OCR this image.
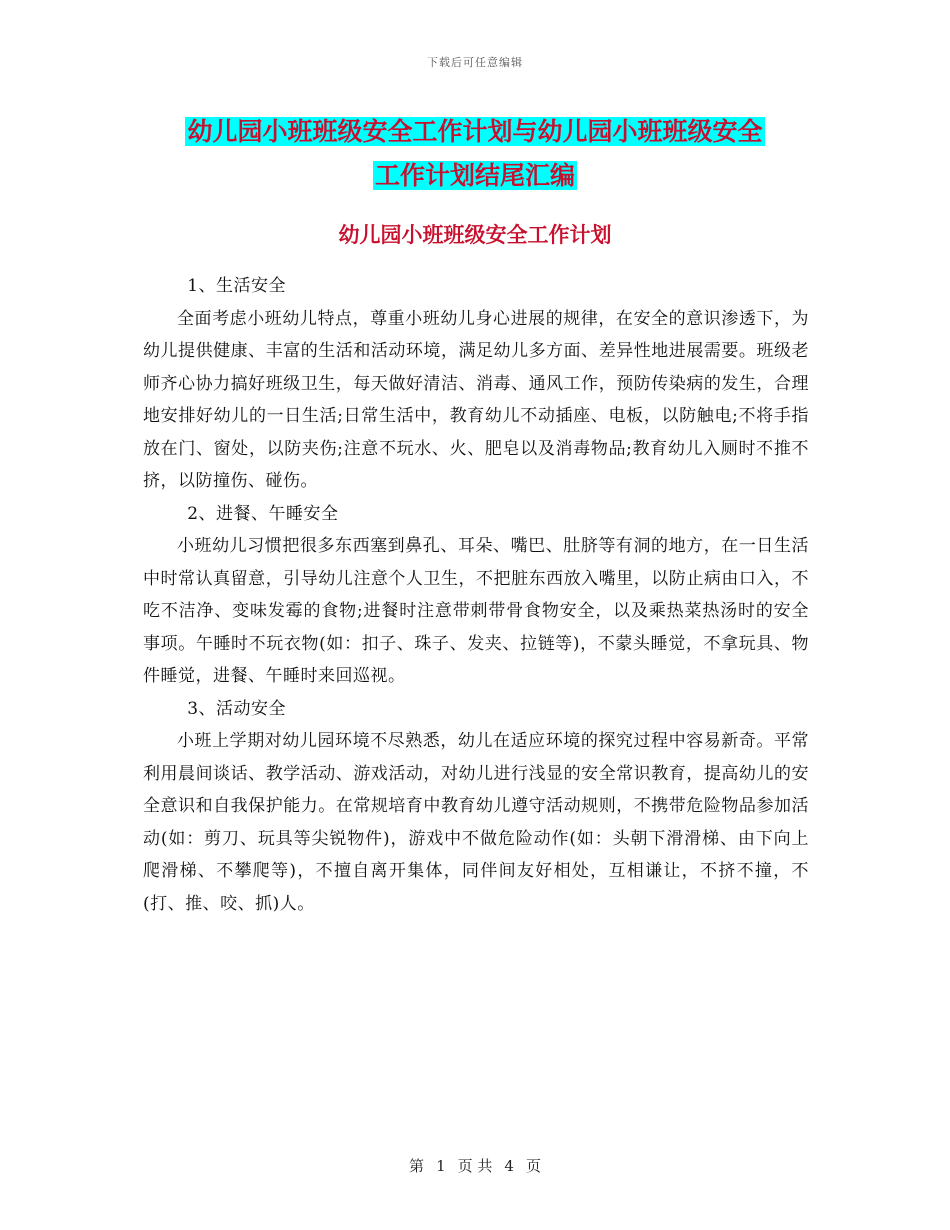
下载后可任意编辑
幼儿园小班班级安全工作计划与幼儿园小班班级安全
工作计划结尾汇编
幼儿园小班班级安全工作计划

1、生活安全

全面考虑小班幼儿特点，尊重小班幼儿身心进展的规律，在安全的意识渗透下，为幼儿提供健康、丰富的生活和活动环境，满足幼儿多方面、差异性地进展需要。班级老师齐心协力搞好班级卫生，每天做好清洁、消毒、通风工作，预防传染病的发生，合理地安排好幼儿的一日生活;日常生活中，教育幼儿不动插座、电板，以防触电;不将手指放在门、窗处，以防夹伤;注意不玩水、火、肥皂以及消毒物品;教育幼儿入厕时不推不挤，以防撞伤、碰伤。

2、进餐、午睡安全

小班幼儿习惯把很多东西塞到鼻孔、耳朵、嘴巴、肚脐等有洞的地方，在一日生活中时常认真留意，引导幼儿注意个人卫生，不把脏东西放入嘴里，以防止病由口入，不吃不洁净、变味发霉的食物;进餐时注意带刺带骨食物安全，以及乘热菜热汤时的安全事项。午睡时不玩衣物(如：扣子、珠子、发夹、拉链等)，不蒙头睡觉，不拿玩具、物件睡觉，进餐、午睡时来回巡视。

3、活动安全

小班上学期对幼儿园环境不尽熟悉，幼儿在适应环境的探究过程中容易新奇。平常利用晨间谈话、教学活动、游戏活动，对幼儿进行浅显的安全常识教育，提高幼儿的安全意识和自我保护能力。在常规培育中教育幼儿遵守活动规则，不携带危险物品参加活动(如：剪刀、玩具等尖锐物件)，游戏中不做危险动作(如：头朝下滑滑梯、由下向上爬滑梯、不攀爬等)，不擅自离开集体，同伴间友好相处，互相谦让，不挤不撞，不(打、推、咬、抓)人。

第 1 页 共 4 页
